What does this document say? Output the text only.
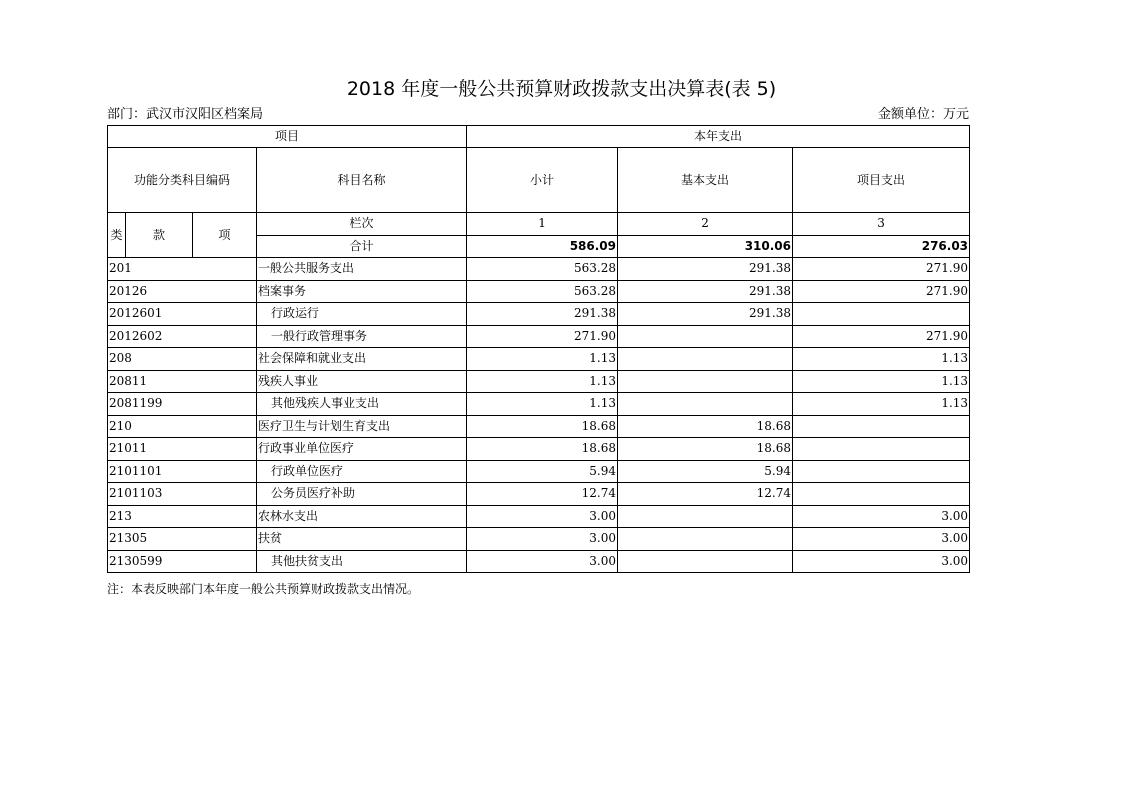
2018 年度一般公共预算财政拨款支出决算表(表 5)
部门：武汉市汉阳区档案局	金额单位：万元
项目				本年支出		
功能分类科目编码			科目名称	小计	基本支出	项目支出
类	款	项	栏次	1	2	3
			合计	586.09	310.06	276.03
201			一般公共服务支出	563.28	291.38	271.90
20126			档案事务	563.28	291.38	271.90
2012601			行政运行	291.38	291.38	
2012602			一般行政管理事务	271.90		271.90
208			社会保障和就业支出	1.13		1.13
20811			残疾人事业	1.13		1.13
2081199			其他残疾人事业支出	1.13		1.13
210			医疗卫生与计划生育支出	18.68	18.68	
21011			行政事业单位医疗	18.68	18.68	
2101101			行政单位医疗	5.94	5.94	
2101103			公务员医疗补助	12.74	12.74	
213			农林水支出	3.00		3.00
21305			扶贫	3.00		3.00
2130599			其他扶贫支出	3.00		3.00
注：本表反映部门本年度一般公共预算财政拨款支出情况。
